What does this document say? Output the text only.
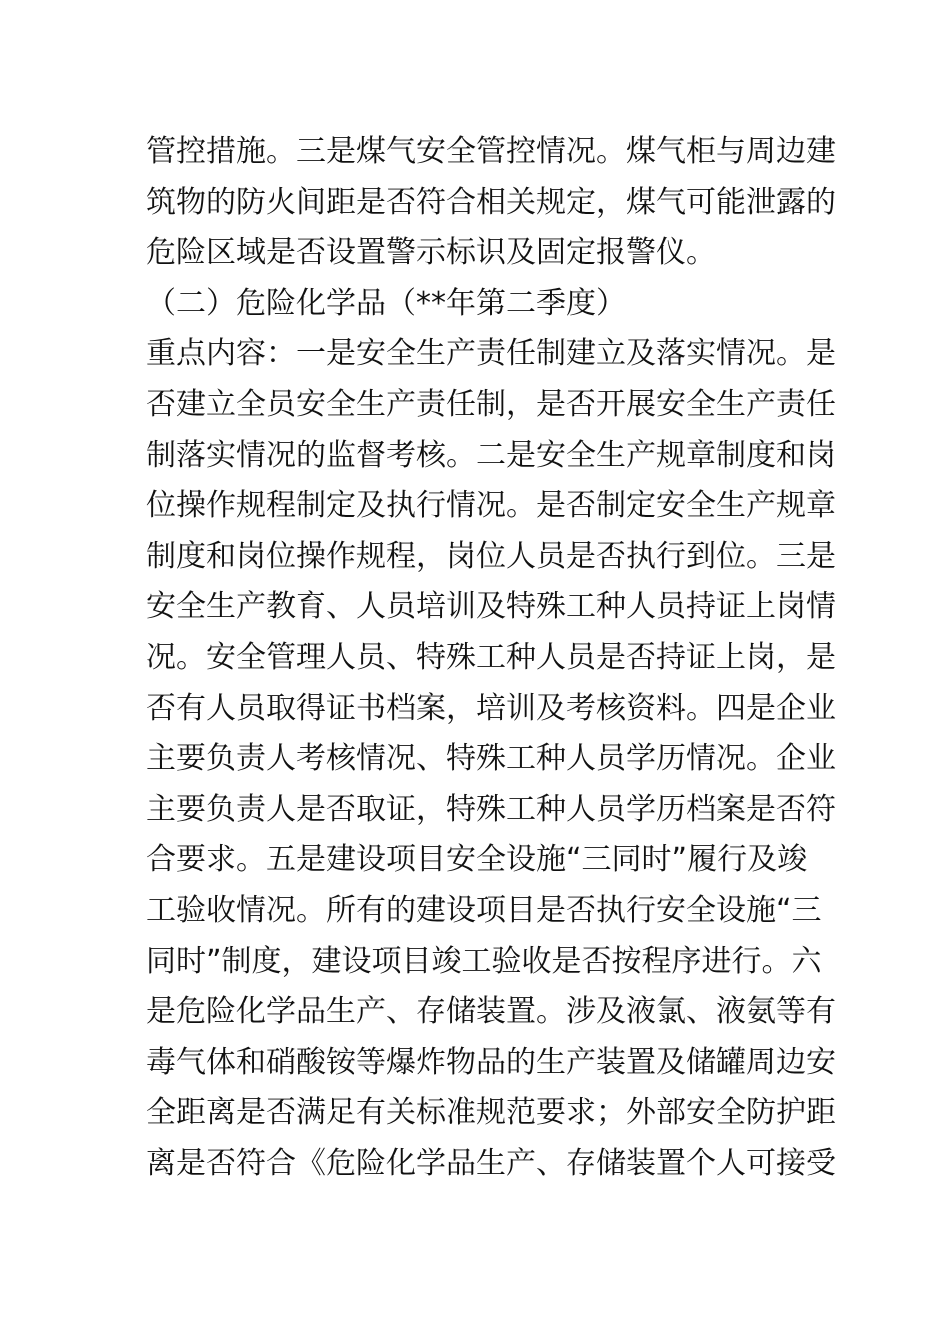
管控措施。三是煤气安全管控情况。煤气柜与周边建
筑物的防火间距是否符合相关规定，煤气可能泄露的
危险区域是否设置警示标识及固定报警仪。
（二）危险化学品（**年第二季度）
重点内容：一是安全生产责任制建立及落实情况。是
否建立全员安全生产责任制，是否开展安全生产责任
制落实情况的监督考核。二是安全生产规章制度和岗
位操作规程制定及执行情况。是否制定安全生产规章
制度和岗位操作规程，岗位人员是否执行到位。三是
安全生产教育、人员培训及特殊工种人员持证上岗情
况。安全管理人员、特殊工种人员是否持证上岗，是
否有人员取得证书档案，培训及考核资料。四是企业
主要负责人考核情况、特殊工种人员学历情况。企业
主要负责人是否取证，特殊工种人员学历档案是否符
合要求。五是建设项目安全设施“三同时”履行及竣
工验收情况。所有的建设项目是否执行安全设施“三
同时”制度，建设项目竣工验收是否按程序进行。六
是危险化学品生产、存储装置。涉及液氯、液氨等有
毒气体和硝酸铵等爆炸物品的生产装置及储罐周边安
全距离是否满足有关标准规范要求；外部安全防护距
离是否符合《危险化学品生产、存储装置个人可接受
